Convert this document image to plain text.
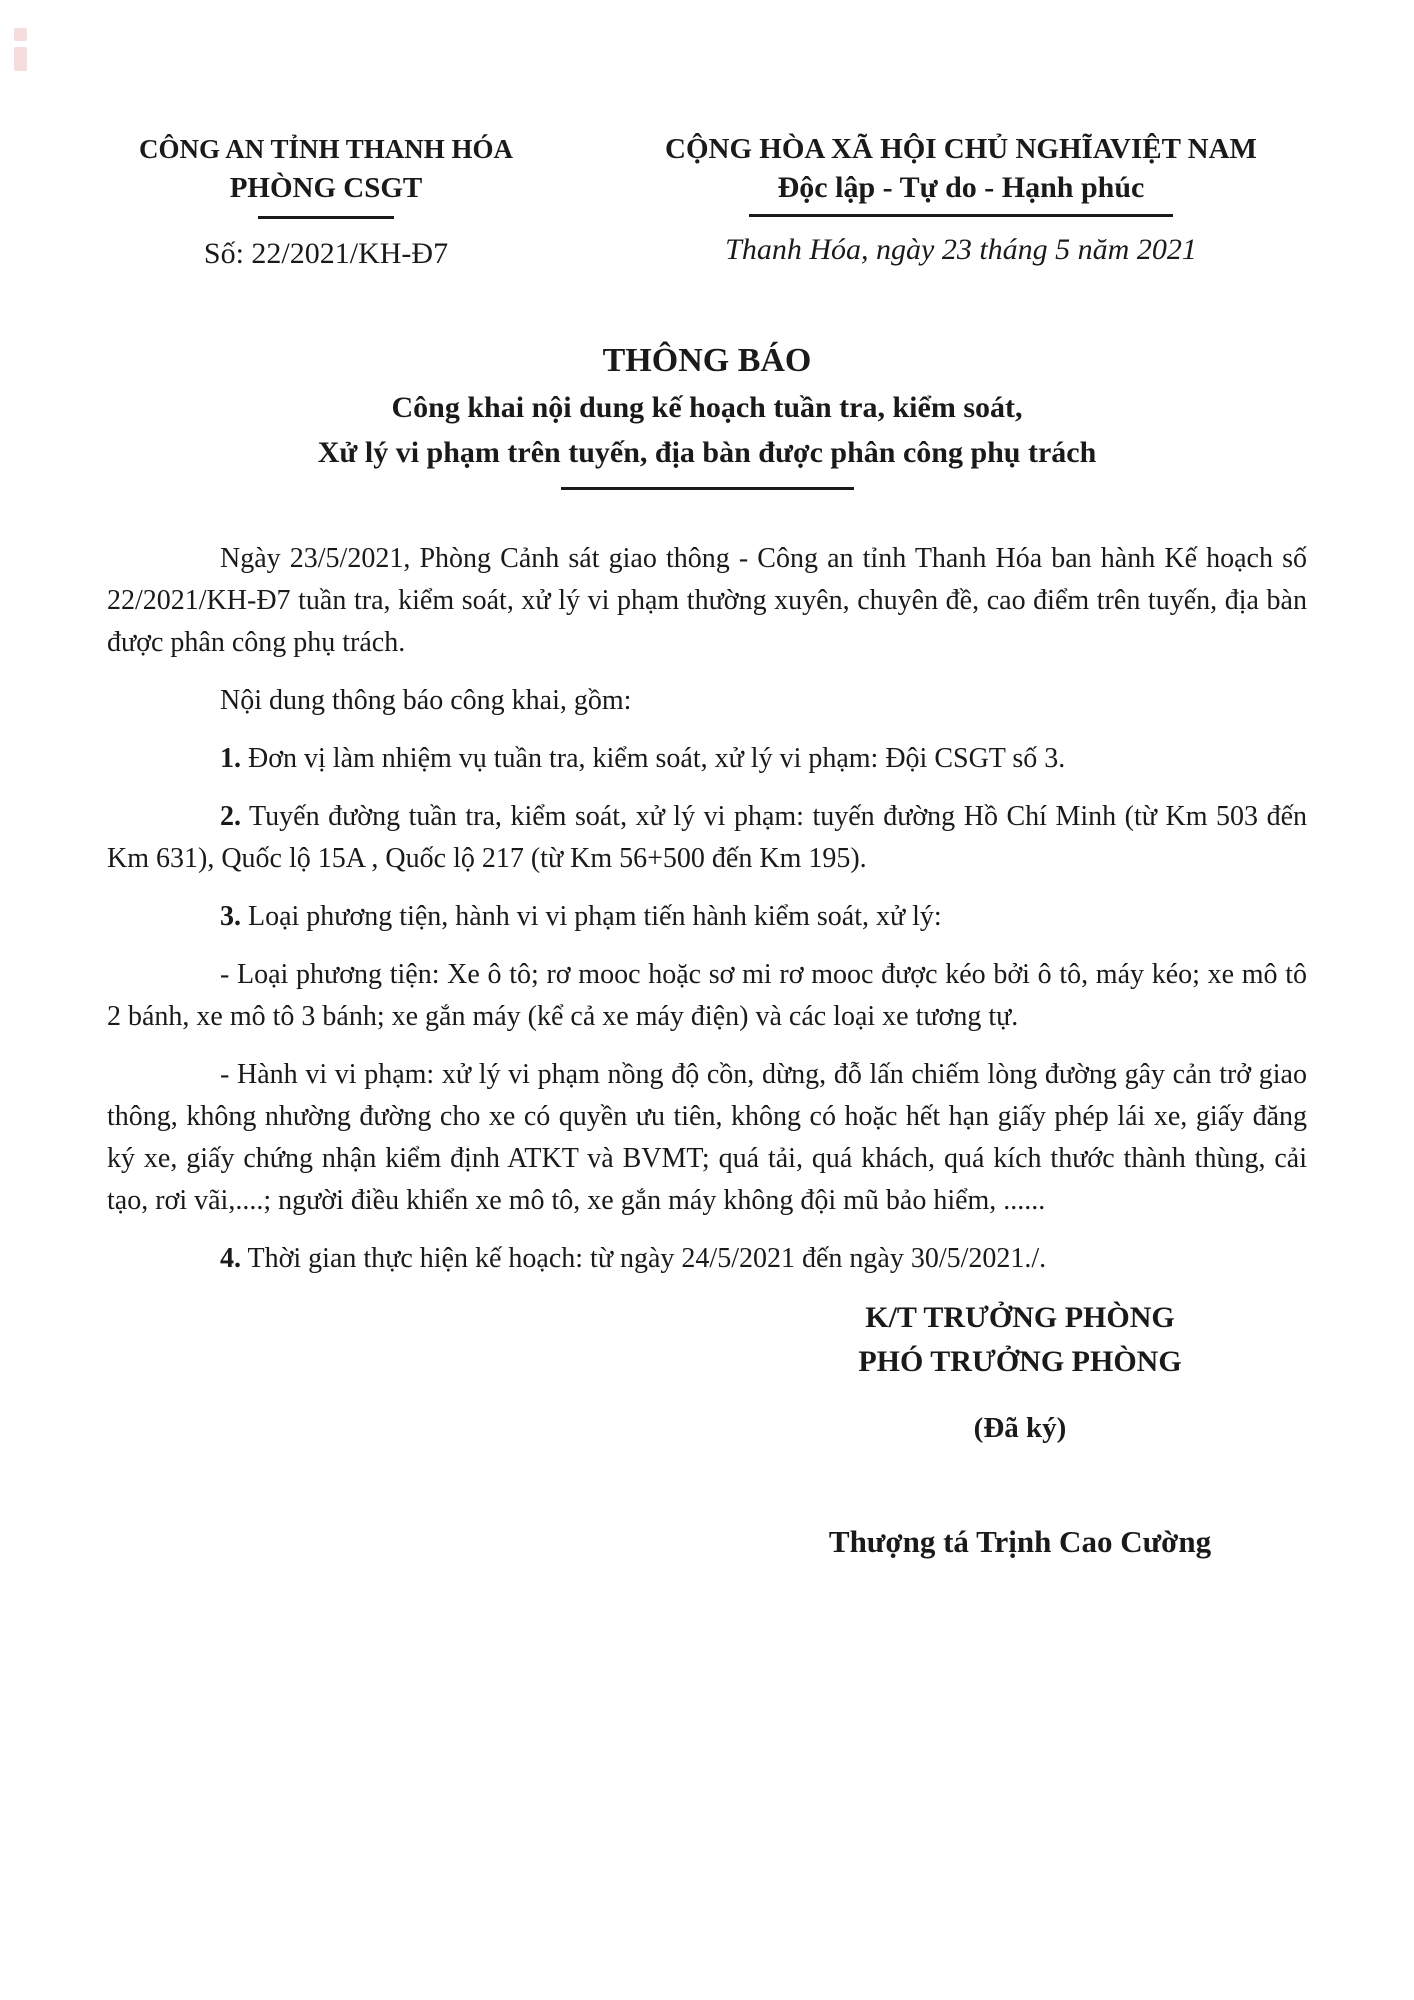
CÔNG AN TỈNH THANH HÓA
PHÒNG CSGT
Số: 22/2021/KH-Đ7
CỘNG HÒA XÃ HỘI CHỦ NGHĨAVIỆT NAM
Độc lập - Tự do - Hạnh phúc
Thanh Hóa, ngày 23 tháng 5 năm 2021
THÔNG BÁO
Công khai nội dung kế hoạch tuần tra, kiểm soát,
Xử lý vi phạm trên tuyến, địa bàn được phân công phụ trách

Ngày 23/5/2021, Phòng Cảnh sát giao thông - Công an tỉnh Thanh Hóa ban hành Kế hoạch số 22/2021/KH-Đ7 tuần tra, kiểm soát, xử lý vi phạm thường xuyên, chuyên đề, cao điểm trên tuyến, địa bàn được phân công phụ trách.

Nội dung thông báo công khai, gồm:

1. Đơn vị làm nhiệm vụ tuần tra, kiểm soát, xử lý vi phạm: Đội CSGT số 3.

2. Tuyến đường tuần tra, kiểm soát, xử lý vi phạm: tuyến đường Hồ Chí Minh (từ Km 503 đến Km 631), Quốc lộ 15A , Quốc lộ 217 (từ Km 56+500 đến Km 195).

3. Loại phương tiện, hành vi vi phạm tiến hành kiểm soát, xử lý:

- Loại phương tiện: Xe ô tô; rơ mooc hoặc sơ mi rơ mooc được kéo bởi ô tô, máy kéo; xe mô tô 2 bánh, xe mô tô 3 bánh; xe gắn máy (kể cả xe máy điện) và các loại xe tương tự.

- Hành vi vi phạm: xử lý vi phạm nồng độ cồn, dừng, đỗ lấn chiếm lòng đường gây cản trở giao thông, không nhường đường cho xe có quyền ưu tiên, không có hoặc hết hạn giấy phép lái xe, giấy đăng ký xe, giấy chứng nhận kiểm định ATKT và BVMT; quá tải, quá khách, quá kích thước thành thùng, cải tạo, rơi vãi,....; người điều khiển xe mô tô, xe gắn máy không đội mũ bảo hiểm, ......

4. Thời gian thực hiện kế hoạch: từ ngày 24/5/2021 đến ngày 30/5/2021./.

K/T TRƯỞNG PHÒNG
PHÓ TRƯỞNG PHÒNG
(Đã ký)
Thượng tá Trịnh Cao Cường
